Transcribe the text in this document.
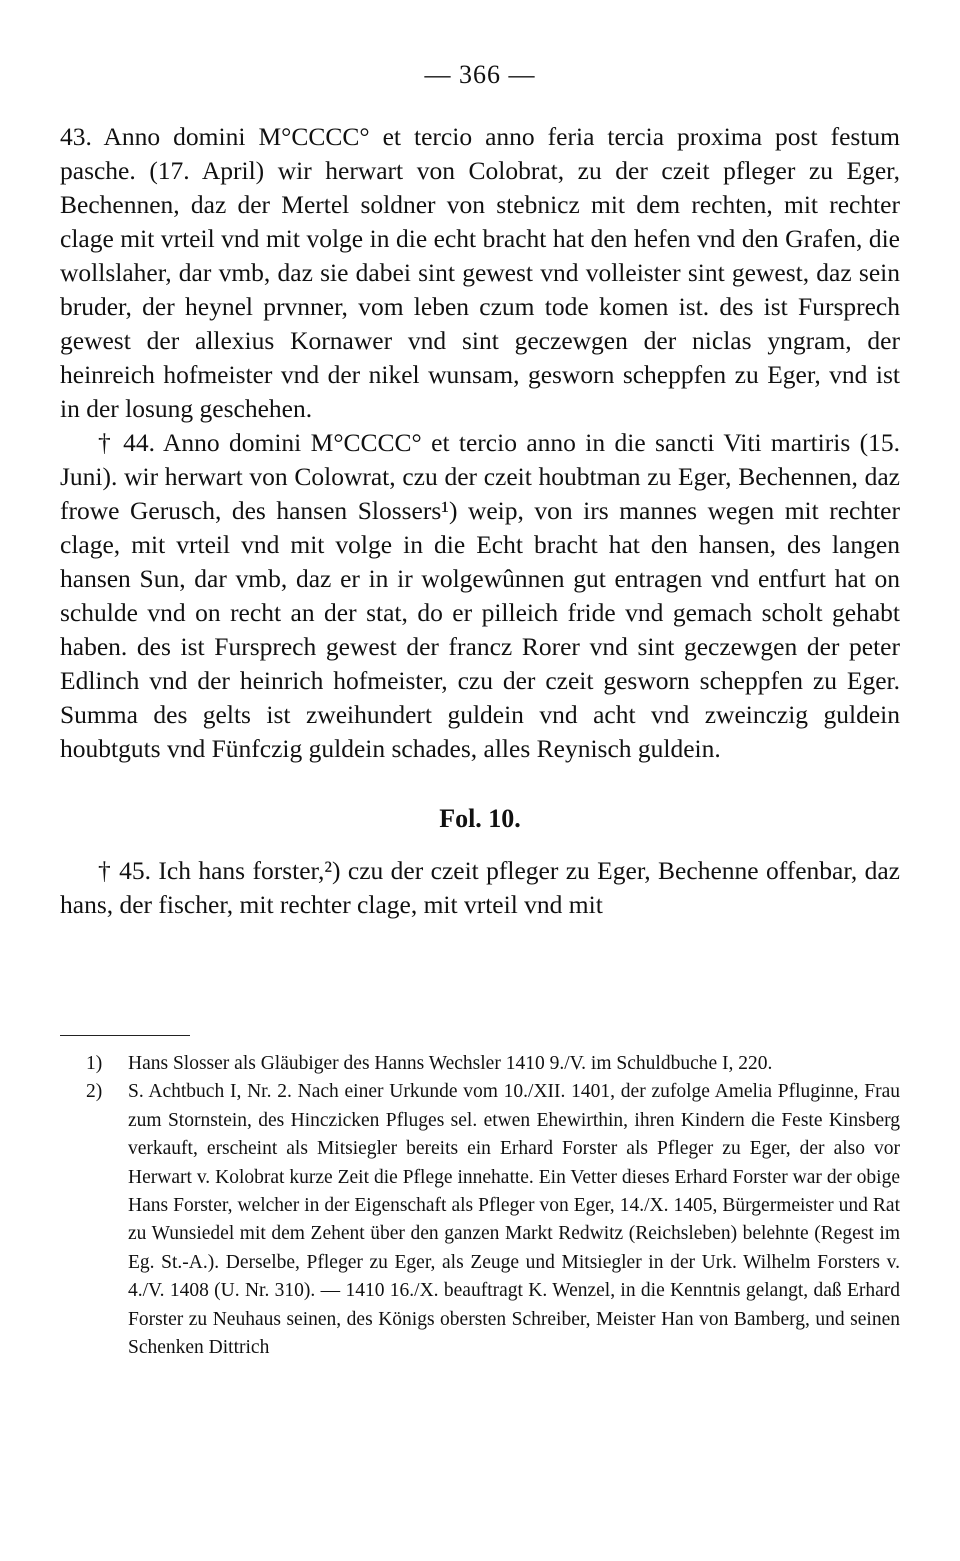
— 366 —

43. Anno domini M°CCCC° et tercio anno feria tercia proxima post festum pasche. (17. April) wir herwart von Colobrat, zu der czeit pfleger zu Eger, Bechennen, daz der Mertel soldner von stebnicz mit dem rechten, mit rechter clage mit vrteil vnd mit volge in die echt bracht hat den hefen vnd den Grafen, die wollslaher, dar vmb, daz sie dabei sint gewest vnd volleister sint gewest, daz sein bruder, der heynel prvnner, vom leben czum tode komen ist. des ist Fursprech gewest der allexius Kornawer vnd sint geczewgen der niclas yngram, der heinreich hofmeister vnd der nikel wunsam, gesworn scheppfen zu Eger, vnd ist in der losung geschehen.

† 44. Anno domini M°CCCC° et tercio anno in die sancti Viti martiris (15. Juni). wir herwart von Colowrat, czu der czeit houbtman zu Eger, Bechennen, daz frowe Gerusch, des hansen Slossers¹) weip, von irs mannes wegen mit rechter clage, mit vrteil vnd mit volge in die Echt bracht hat den hansen, des langen hansen Sun, dar vmb, daz er in ir wolgewûnnen gut entragen vnd entfurt hat on schulde vnd on recht an der stat, do er pilleich fride vnd gemach scholt gehabt haben. des ist Fursprech gewest der francz Rorer vnd sint geczewgen der peter Edlinch vnd der heinrich hofmeister, czu der czeit gesworn scheppfen zu Eger. Summa des gelts ist zweihundert guldein vnd acht vnd zweinczig guldein houbtguts vnd Fünfczig guldein schades, alles Reynisch guldein.

Fol. 10.

† 45. Ich hans forster,²) czu der czeit pfleger zu Eger, Bechenne offenbar, daz hans, der fischer, mit rechter clage, mit vrteil vnd mit

1) Hans Slosser als Gläubiger des Hanns Wechsler 1410 9./V. im Schuldbuche I, 220.

2) S. Achtbuch I, Nr. 2. Nach einer Urkunde vom 10./XII. 1401, der zufolge Amelia Pfluginne, Frau zum Stornstein, des Hinczicken Pfluges sel. etwen Ehewirthin, ihren Kindern die Feste Kinsberg verkauft, erscheint als Mitsiegler bereits ein Erhard Forster als Pfleger zu Eger, der also vor Herwart v. Kolobrat kurze Zeit die Pflege innehatte. Ein Vetter dieses Erhard Forster war der obige Hans Forster, welcher in der Eigenschaft als Pfleger von Eger, 14./X. 1405, Bürgermeister und Rat zu Wunsiedel mit dem Zehent über den ganzen Markt Redwitz (Reichsleben) belehnte (Regest im Eg. St.-A.). Derselbe, Pfleger zu Eger, als Zeuge und Mitsiegler in der Urk. Wilhelm Forsters v. 4./V. 1408 (U. Nr. 310). — 1410 16./X. beauftragt K. Wenzel, in die Kenntnis gelangt, daß Erhard Forster zu Neuhaus seinen, des Königs obersten Schreiber, Meister Han von Bamberg, und seinen Schenken Dittrich
